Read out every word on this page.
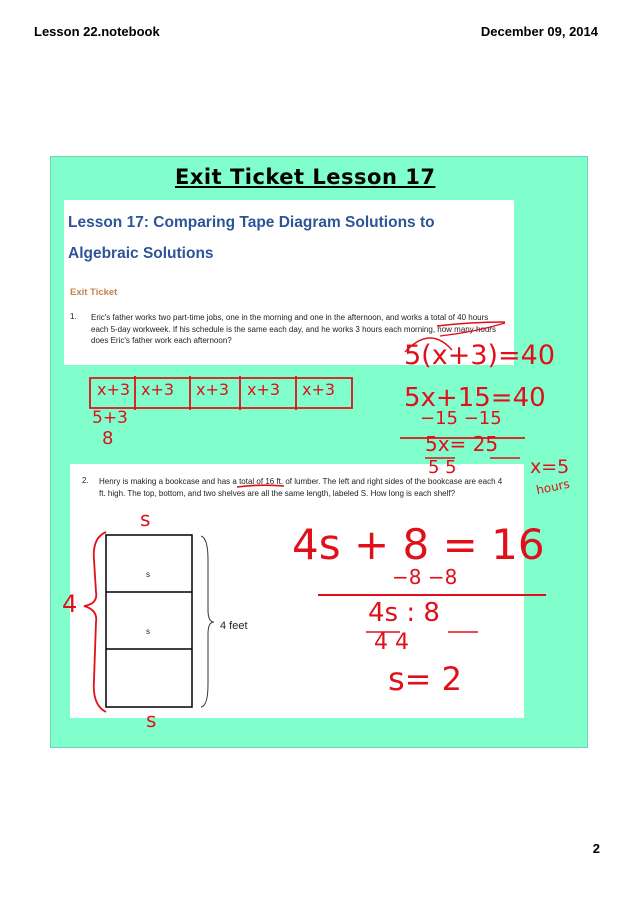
Lesson 22.notebook	December 09, 2014
Exit Ticket Lesson 17
Lesson 17: Comparing Tape Diagram Solutions to Algebraic Solutions
Exit Ticket
1. Eric's father works two part-time jobs, one in the morning and one in the afternoon, and works a total of 40 hours each 5-day workweek. If his schedule is the same each day, and he works 3 hours each morning, how many hours does Eric's father work each afternoon?
2. Henry is making a bookcase and has a total of 16 ft. of lumber. The left and right sides of the bookcase are each 4 ft. high. The top, bottom, and two shelves are all the same length, labeled S. How long is each shelf?
s
s	4 feet
x+3 x+3 x+3 x+3 x+3
5+3
8
5(x+3)=40
5x+15=40
−15 −15
5x= 25
5 5	x=5
hours
s
s
4
4s + 8 = 16
−8 −8
4s : 8
4 4
s= 2
2
